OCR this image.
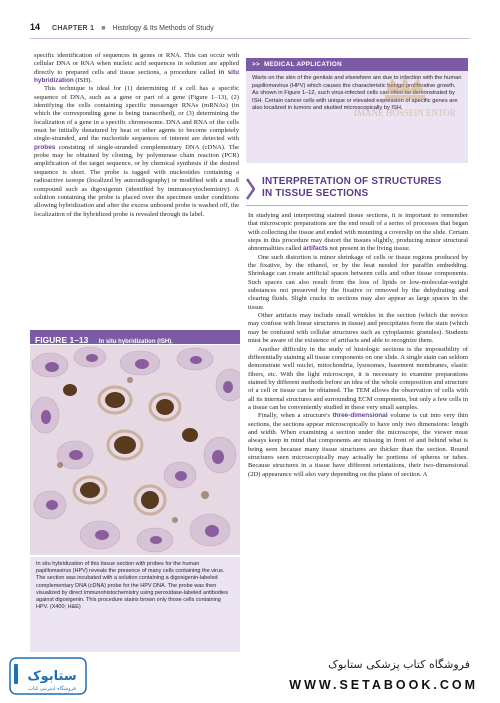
14 CHAPTER 1 ■ Histology & Its Methods of Study

specific identification of sequences in genes or RNA. This can occur with cellular DNA or RNA when nucleic acid sequences in solution are applied directly to prepared cells and tissue sections, a procedure called in situ hybridization (ISH).

This technique is ideal for (1) determining if a cell has a specific sequence of DNA, such as a gene or part of a gene (Figure 1–13), (2) identifying the cells containing specific messenger RNAs (mRNAs) (in which the corresponding gene is being transcribed), or (3) determining the localization of a gene in a specific chromosome. DNA and RNA of the cells must be initially denatured by heat or other agents to become completely single-stranded, and the nucleotide sequences of interest are detected with probes consisting of single-stranded complementary DNA (cDNA). The probe may be obtained by cloning, by polymerase chain reaction (PCR) amplification of the target sequence, or by chemical synthesis if the desired sequence is short. The probe is tagged with nucleotides containing a radioactive isotope (localized by autoradiography) or modified with a small compound such as digoxigenin (identified by immunocytochemistry). A solution containing the probe is placed over the specimen under conditions allowing hybridization and after the excess unbound probe is washed off, the localization of the hybridized probe is revealed through its label.

FIGURE 1–13 In situ hybridization (ISH).

In situ hybridization of this tissue section with probes for the human papillomavirus (HPV) reveals the presence of many cells containing the virus. The section was incubated with a solution containing a digoxigenin-labeled complementary DNA (cDNA) probe for the HPV DNA. The probe was then visualized by direct immunohistochemistry using peroxidase-labeled antibodies against digoxigenin. This procedure stains brown only those cells containing HPV. (X400; H&E)

>> MEDICAL APPLICATION

Warts on the skin of the genitals and elsewhere are due to infection with the human papillomavirus (HPV) which causes the characteristic benign proliferative growth. As shown in Figure 1–12, such virus-infected cells can often be demonstrated by ISH. Certain cancer cells with unique or elevated expression of specific genes are also localized in tumors and studied microscopically by ISH.

IMANE HOSSEIN ENTOR
INTERPRETATION OF STRUCTURES
IN TISSUE SECTIONS

In studying and interpreting stained tissue sections, it is important to remember that microscopic preparations are the end result of a series of processes that began with collecting the tissue and ended with mounting a coverslip on the slide. Certain steps in this procedure may distort the tissues slightly, producing minor structural abnormalities called artifacts not present in the living tissue.

One such distortion is minor shrinkage of cells or tissue regions produced by the fixative, by the ethanol, or by the heat needed for paraffin embedding. Shrinkage can create artificial spaces between cells and other tissue components. Such spaces can also result from the loss of lipids or low-molecular-weight substances not preserved by the fixative or removed by the dehydrating and clearing fluids. Slight cracks in sections may also appear as large spaces in the tissue.

Other artifacts may include small wrinkles in the section (which the novice may confuse with linear structures in tissue) and precipitates from the stain (which may be confused with cellular structures such as cytoplasmic granules). Students must be aware of the existence of artifacts and able to recognize them.

Another difficulty in the study of histologic sections is the impossibility of differentially staining all tissue components on one slide. A single stain can seldom demonstrate well nuclei, mitochondria, lysosomes, basement membranes, elastic fibers, etc. With the light microscope, it is necessary to examine preparations stained by different methods before an idea of the whole composition and structure of a cell or tissue can be obtained. The TEM allows the observation of cells with all its internal structures and surrounding ECM components, but only a few cells in a tissue can be conveniently studied in these very small samples.

Finally, when a structure's three-dimensional volume is cut into very thin sections, the sections appear microscopically to have only two dimensions: length and width. When examining a section under the microscope, the viewer must always keep in mind that components are missing in front of and behind what is being seen because many tissue structures are thicker than the section. Round structures seen microscopically may actually be portions of spheres or tubes. Because structures in a tissue have different orientations, their two-dimensional (2D) appearance will also vary depending on the plane of section. A

ستابوک
فروشگاه اینترنتی کتاب
فروشگاه کتاب پزشکی ستابوک
WWW.SETABOOK.COM
